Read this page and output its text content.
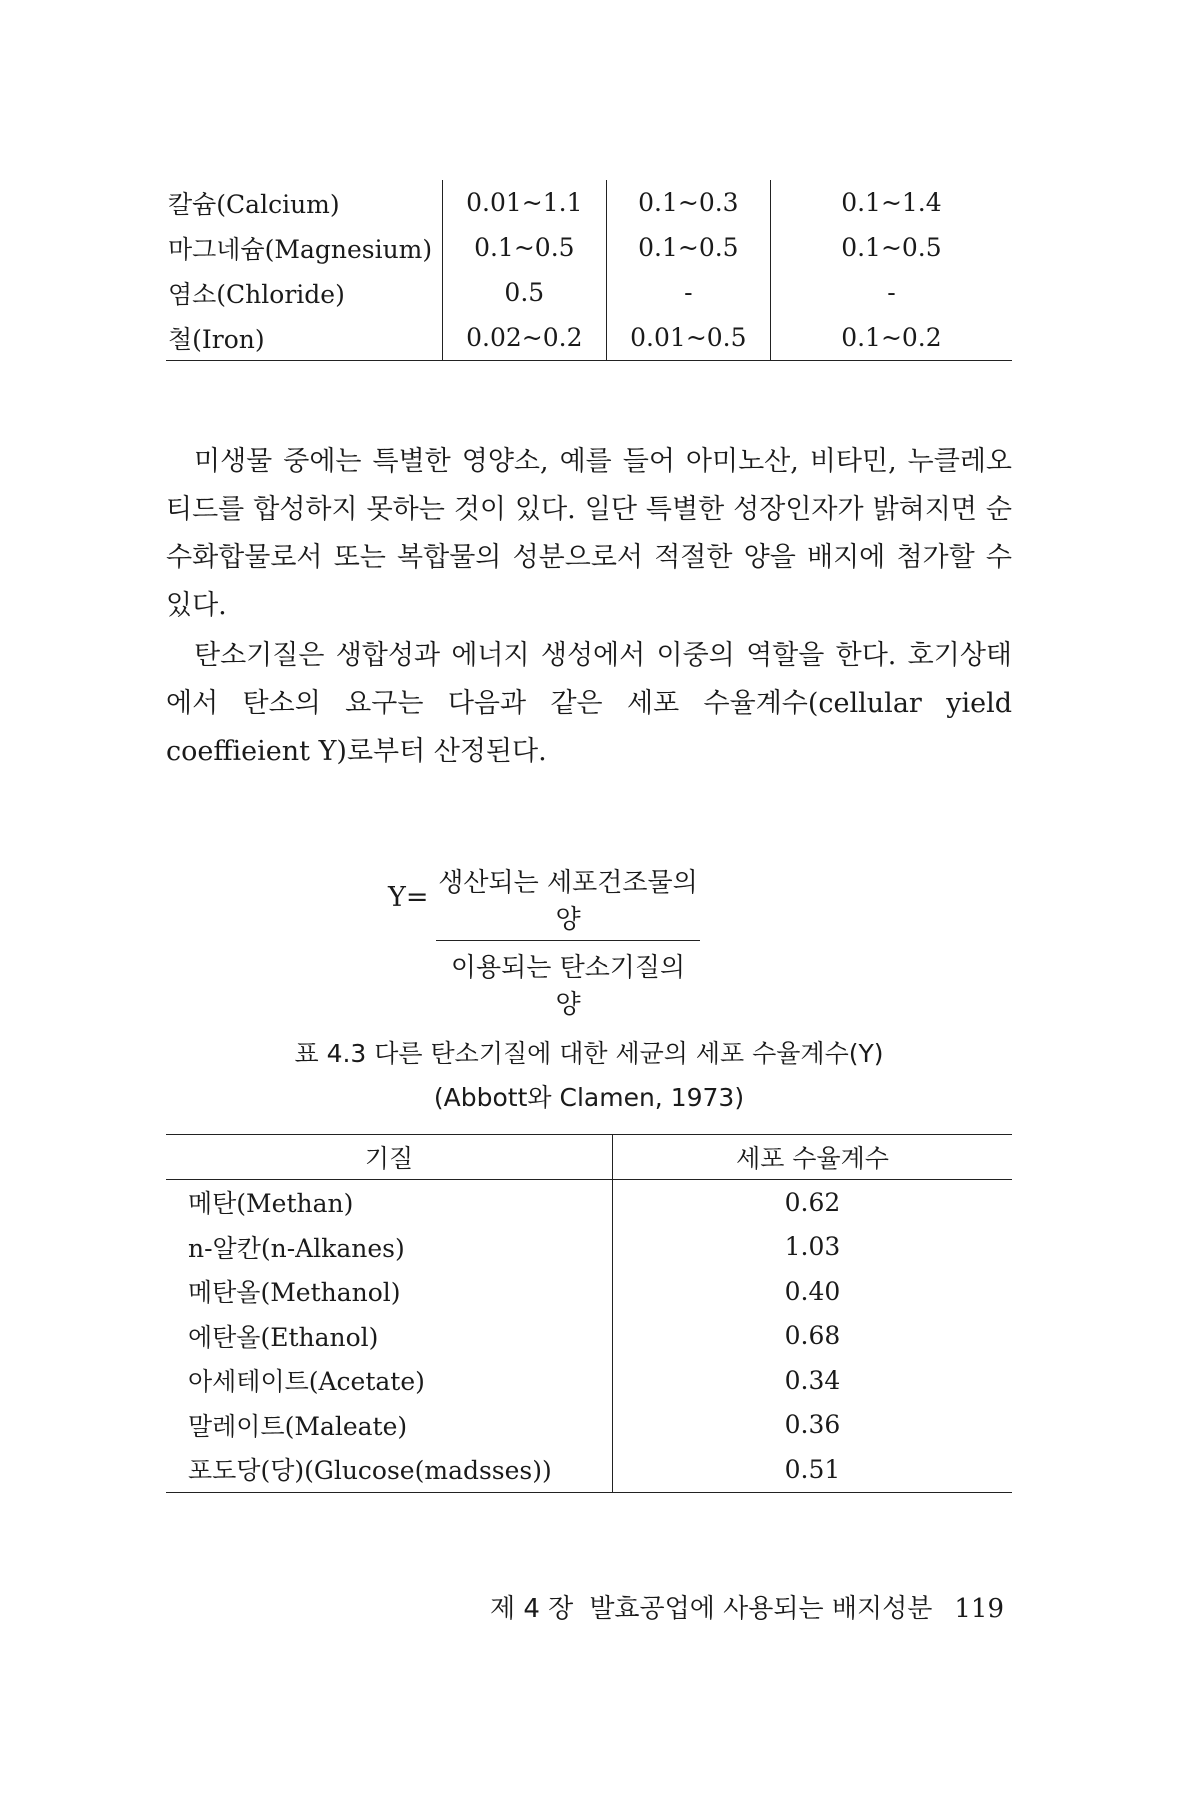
칼슘(Calcium)	0.01~1.1	0.1~0.3	0.1~1.4
마그네슘(Magnesium)	0.1~0.5	0.1~0.5	0.1~0.5
염소(Chloride)	0.5	-	-
철(Iron)	0.02~0.2	0.01~0.5	0.1~0.2

미생물 중에는 특별한 영양소, 예를 들어 아미노산, 비타민, 누클레오티드를 합성하지 못하는 것이 있다. 일단 특별한 성장인자가 밝혀지면 순수화합물로서 또는 복합물의 성분으로서 적절한 양을 배지에 첨가할 수 있다.

탄소기질은 생합성과 에너지 생성에서 이중의 역할을 한다. 호기상태에서 탄소의 요구는 다음과 같은 세포 수율계수(cellular yield coeffieient Y)로부터 산정된다.

Y= 생산되는 세포건조물의 양
이용되는 탄소기질의 양
표 4.3 다른 탄소기질에 대한 세균의 세포 수율계수(Y)
(Abbott와 Clamen, 1973)
기질	세포 수율계수
메탄(Methan)	0.62
n-알칸(n-Alkanes)	1.03
메탄올(Methanol)	0.40
에탄올(Ethanol)	0.68
아세테이트(Acetate)	0.34
말레이트(Maleate)	0.36
포도당(당)(Glucose(madsses))	0.51
제 4 장 발효공업에 사용되는 배지성분 119
